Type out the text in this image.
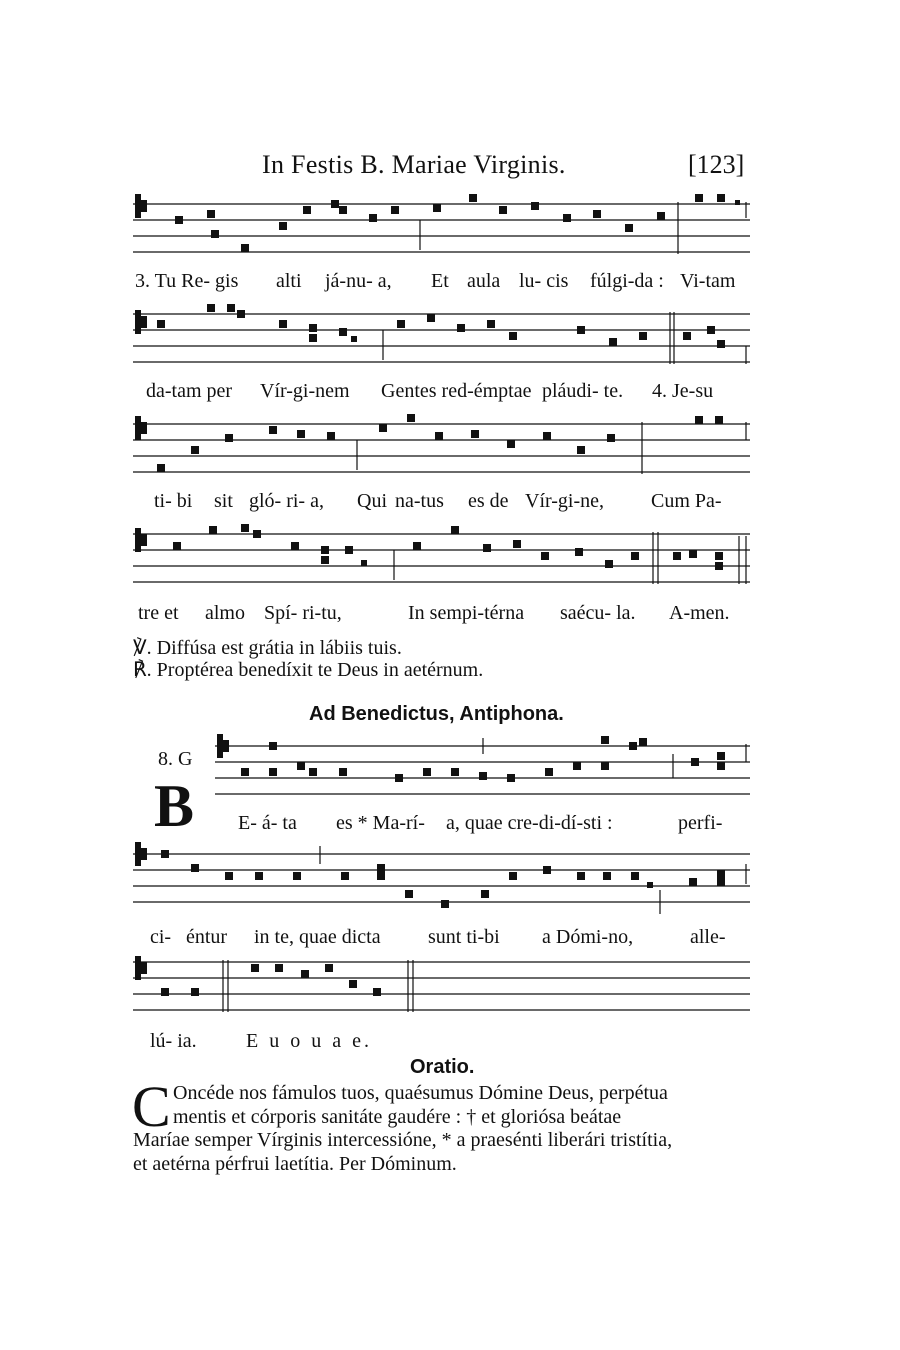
In Festis B. Mariae Virginis.	[123]
3. Tu Re- gis alti já-nu- a, Et aula lu- cis fúlgi-da : Vi-tam
da-tam per Vír-gi-nem Gentes red-émptae pláudi- te. 4. Je-su
ti- bi sit gló- ri- a, Qui na-tus es de Vír-gi-ne, Cum Pa-
tre et almo Spí- ri-tu,	In sempi-térna saécu- la. A-men.
℣. Diffúsa est grátia in lábiis tuis.
℟. Proptérea benedíxit te Deus in aetérnum.
Ad Benedictus, Antiphona.
8. G
B E- á- ta es * Ma-rí- a, quae cre-di-dí-sti :	perfi-
ci- éntur in te, quae dicta sunt ti-bi a Dómi-no,	alle-
lú- ia. E u o u a e.
Oratio.
C Oncéde nos fámulos tuos, quaésumus Dómine Deus, perpétua
mentis et córporis sanitáte gaudére : † et gloriósa beátae
Maríae semper Vírginis intercessióne, * a praesénti liberári tristítia,
et aetérna pérfrui laetítia. Per Dóminum.
